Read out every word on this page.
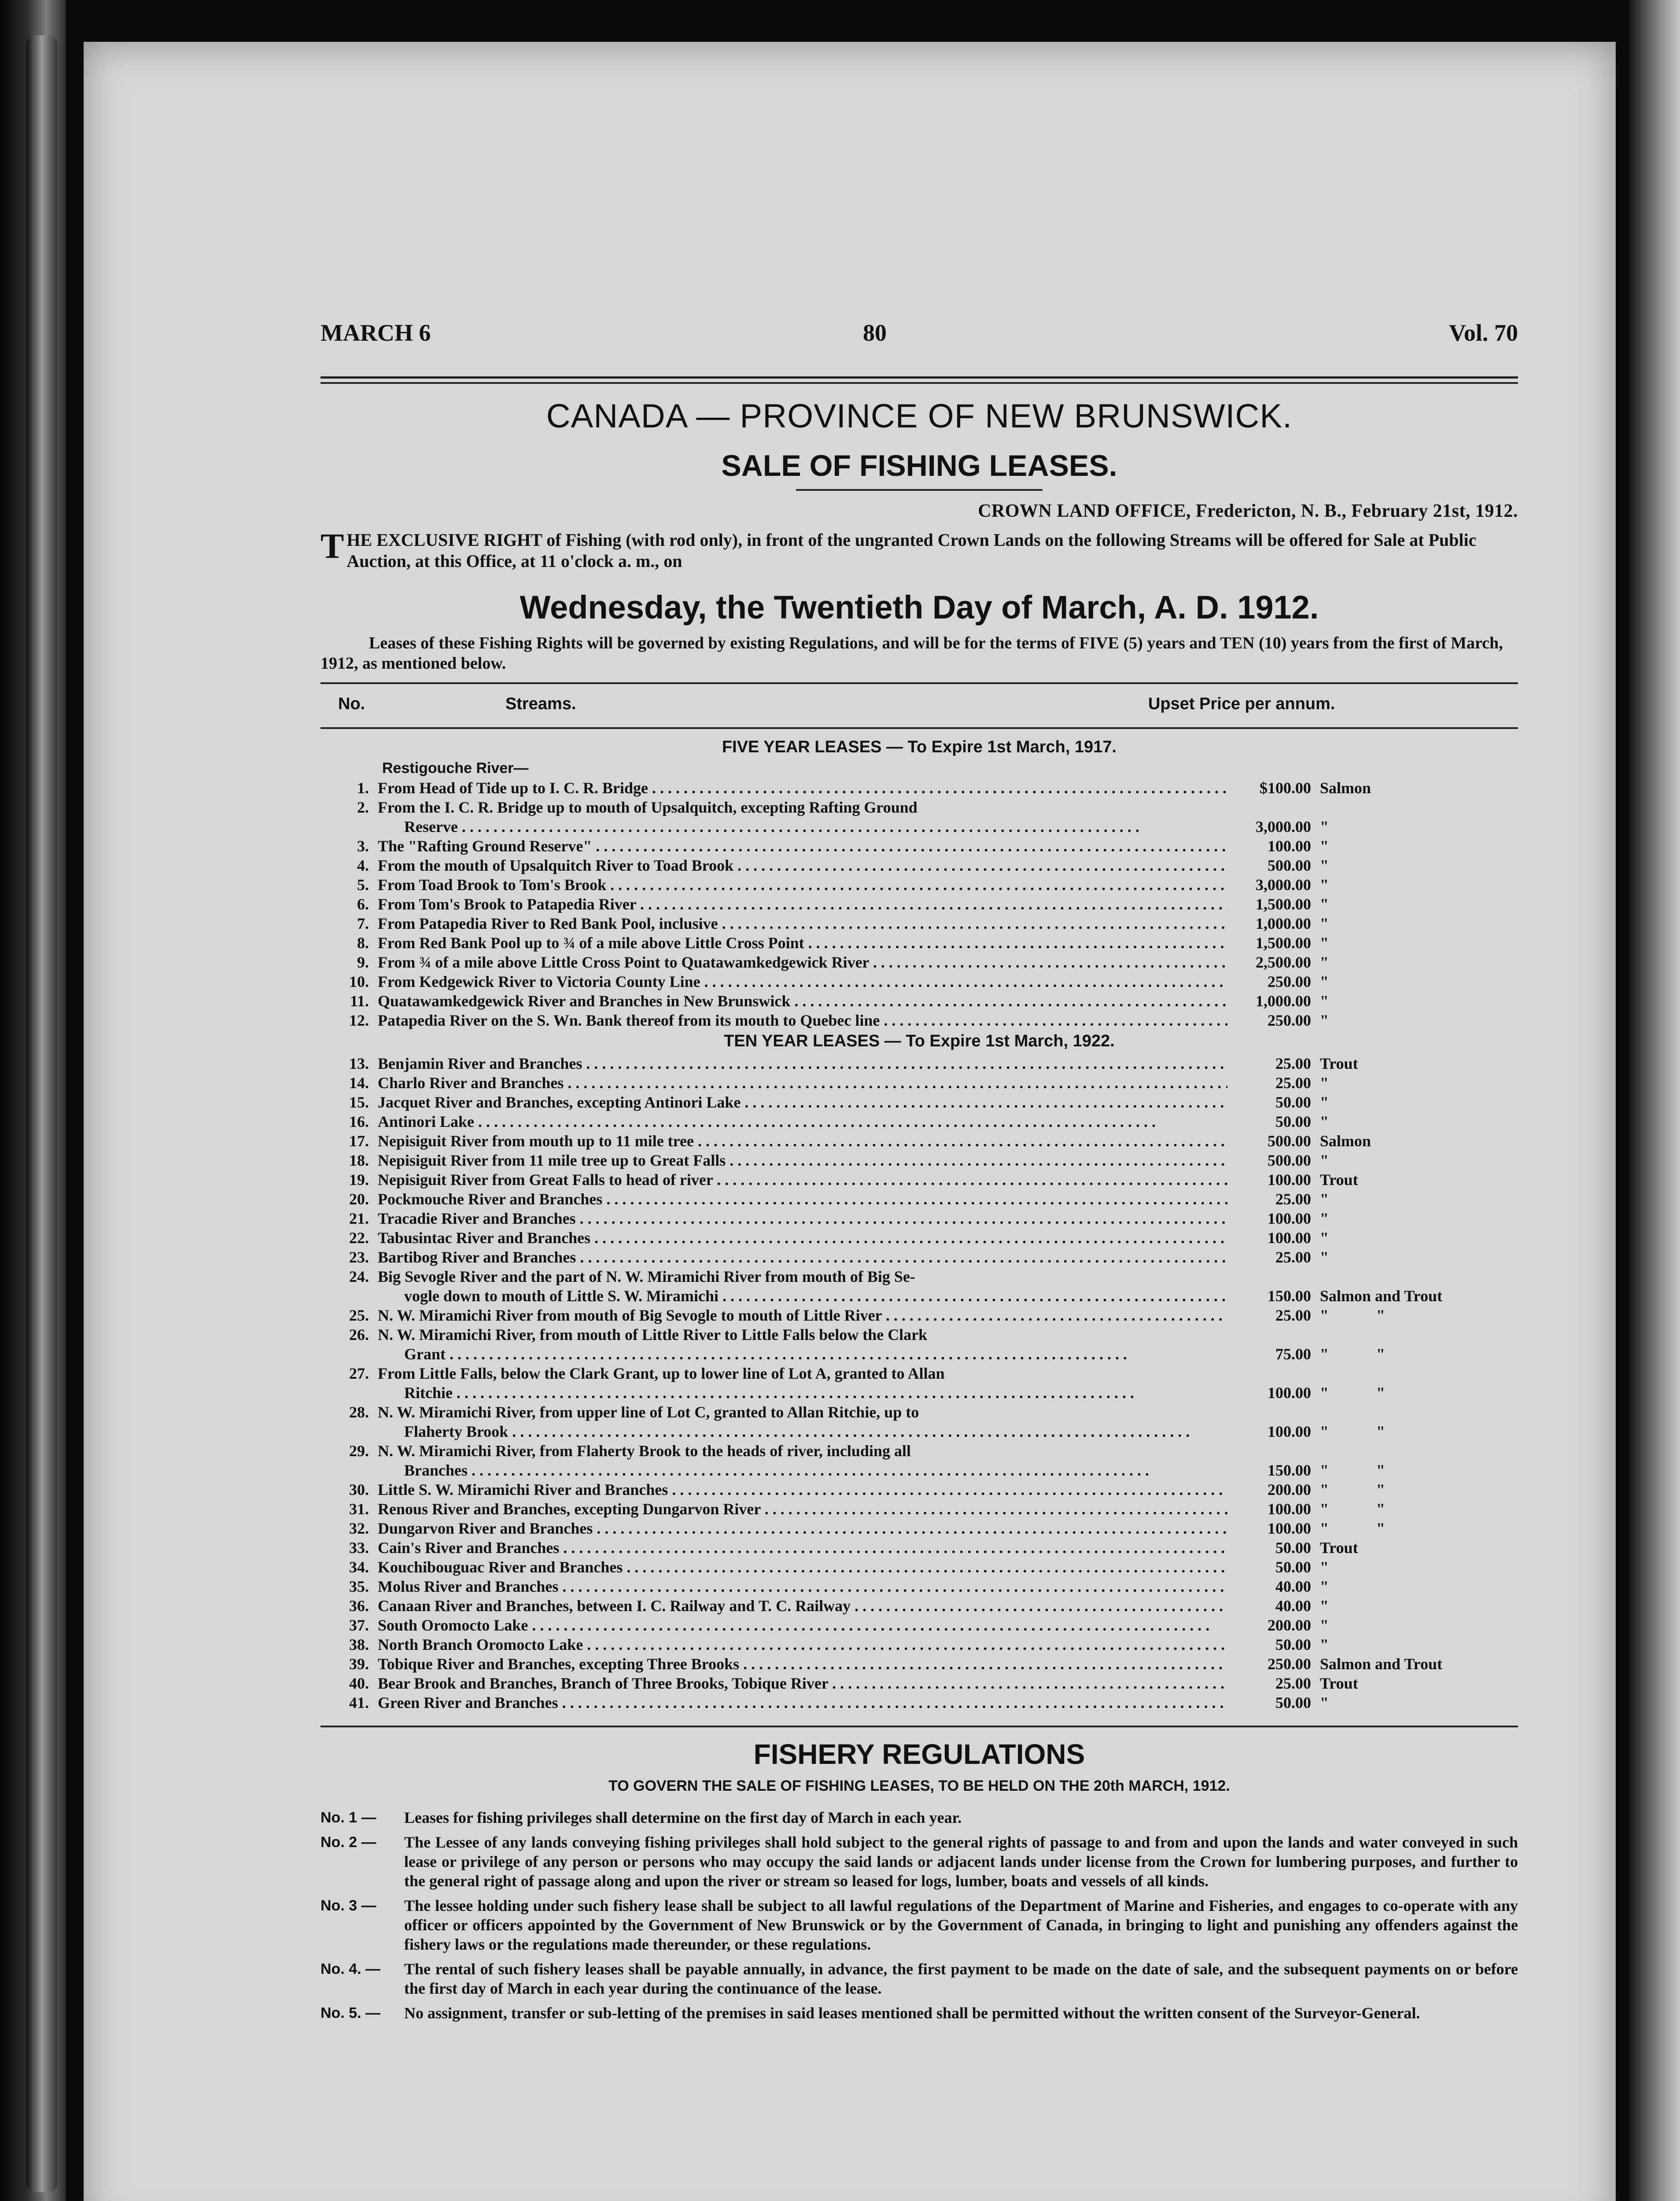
MARCH 6	80	Vol. 70
CANADA — PROVINCE OF NEW BRUNSWICK.
SALE OF FISHING LEASES.
CROWN LAND OFFICE, Fredericton, N. B., February 21st, 1912.
THE EXCLUSIVE RIGHT of Fishing (with rod only), in front of the ungranted Crown Lands on the following Streams will be offered for Sale at Public Auction, at this Office, at 11 o'clock a. m., on
Wednesday, the Twentieth Day of March, A. D. 1912.
Leases of these Fishing Rights will be governed by existing Regulations, and will be for the terms of FIVE (5) years and TEN (10) years from the first of March, 1912, as mentioned below.
No.	Streams.	Upset Price per annum.
FIVE YEAR LEASES — To Expire 1st March, 1917.
Restigouche River—
1. From Head of Tide up to I. C. R. Bridge . . .	$100.00 Salmon
2. From the I. C. R. Bridge up to mouth of Upsalquitch, excepting Rafting Ground
Reserve . . .	3,000.00 "
3. The "Rafting Ground Reserve" . . .	100.00 "
4. From the mouth of Upsalquitch River to Toad Brook . . .	500.00 "
5. From Toad Brook to Tom's Brook . . .	3,000.00 "
6. From Tom's Brook to Patapedia River . . .	1,500.00 "
7. From Patapedia River to Red Bank Pool, inclusive . . .	1,000.00 "
8. From Red Bank Pool up to ¾ of a mile above Little Cross Point . . .	1,500.00 "
9. From ¾ of a mile above Little Cross Point to Quatawamkedgewick River . . .	2,500.00 "
10. From Kedgewick River to Victoria County Line . . .	250.00 "
11. Quatawamkedgewick River and Branches in New Brunswick . . .	1,000.00 "
12. Patapedia River on the S. Wn. Bank thereof from its mouth to Quebec line . . .	250.00 "
TEN YEAR LEASES — To Expire 1st March, 1922.
13. Benjamin River and Branches . . .	25.00 Trout
14. Charlo River and Branches . . .	25.00 "
15. Jacquet River and Branches, excepting Antinori Lake . . .	50.00 "
16. Antinori Lake . . .	50.00 "
17. Nepisiguit River from mouth up to 11 mile tree . . .	500.00 Salmon
18. Nepisiguit River from 11 mile tree up to Great Falls . . .	500.00 "
19. Nepisiguit River from Great Falls to head of river . . .	100.00 Trout
20. Pockmouche River and Branches . . .	25.00 "
21. Tracadie River and Branches . . .	100.00 "
22. Tabusintac River and Branches . . .	100.00 "
23. Bartibog River and Branches . . .	25.00 "
24. Big Sevogle River and the part of N. W. Miramichi River from mouth of Big Se-
vogle down to mouth of Little S. W. Miramichi . . .	150.00 Salmon and Trout
25. N. W. Miramichi River from mouth of Big Sevogle to mouth of Little River . . .	25.00 "            "
26. N. W. Miramichi River, from mouth of Little River to Little Falls below the Clark
Grant . . .	75.00 "            "
27. From Little Falls, below the Clark Grant, up to lower line of Lot A, granted to Allan
Ritchie . . .	100.00 "            "
28. N. W. Miramichi River, from upper line of Lot C, granted to Allan Ritchie, up to
Flaherty Brook . . .	100.00 "            "
29. N. W. Miramichi River, from Flaherty Brook to the heads of river, including all
Branches . . .	150.00 "            "
30. Little S. W. Miramichi River and Branches . . .	200.00 "            "
31. Renous River and Branches, excepting Dungarvon River . . .	100.00 "            "
32. Dungarvon River and Branches . . .	100.00 "            "
33. Cain's River and Branches . . .	50.00 Trout
34. Kouchibouguac River and Branches . . .	50.00 "
35. Molus River and Branches . . .	40.00 "
36. Canaan River and Branches, between I. C. Railway and T. C. Railway . . .	40.00 "
37. South Oromocto Lake . . .	200.00 "
38. North Branch Oromocto Lake . . .	50.00 "
39. Tobique River and Branches, excepting Three Brooks . . .	250.00 Salmon and Trout
40. Bear Brook and Branches, Branch of Three Brooks, Tobique River . . .	25.00 Trout
41. Green River and Branches . . .	50.00 "
FISHERY REGULATIONS
TO GOVERN THE SALE OF FISHING LEASES, TO BE HELD ON THE 20th MARCH, 1912.
No. 1 — Leases for fishing privileges shall determine on the first day of March in each year.
No. 2 — The Lessee of any lands conveying fishing privileges shall hold subject to the general rights of passage to and from and upon the lands and water conveyed in such lease or privilege of any person or persons who may occupy the said lands or adjacent lands under license from the Crown for lumbering purposes, and further to the general right of passage along and upon the river or stream so leased for logs, lumber, boats and vessels of all kinds.
No. 3 — The lessee holding under such fishery lease shall be subject to all lawful regulations of the Department of Marine and Fisheries, and engages to co-operate with any officer or officers appointed by the Government of New Brunswick or by the Government of Canada, in bringing to light and punishing any offenders against the fishery laws or the regulations made thereunder, or these regulations.
No. 4. — The rental of such fishery leases shall be payable annually, in advance, the first payment to be made on the date of sale, and the subsequent payments on or before the first day of March in each year during the continuance of the lease.
No. 5. — No assignment, transfer or sub-letting of the premises in said leases mentioned shall be permitted without the written consent of the Surveyor-General.
